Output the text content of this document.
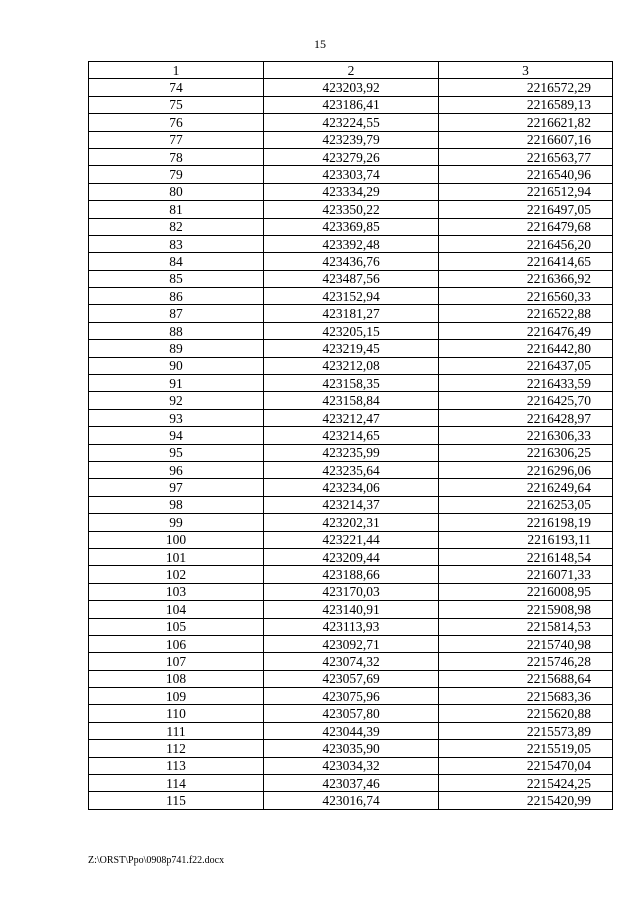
15
1	2	3
74	423203,92	2216572,29
75	423186,41	2216589,13
76	423224,55	2216621,82
77	423239,79	2216607,16
78	423279,26	2216563,77
79	423303,74	2216540,96
80	423334,29	2216512,94
81	423350,22	2216497,05
82	423369,85	2216479,68
83	423392,48	2216456,20
84	423436,76	2216414,65
85	423487,56	2216366,92
86	423152,94	2216560,33
87	423181,27	2216522,88
88	423205,15	2216476,49
89	423219,45	2216442,80
90	423212,08	2216437,05
91	423158,35	2216433,59
92	423158,84	2216425,70
93	423212,47	2216428,97
94	423214,65	2216306,33
95	423235,99	2216306,25
96	423235,64	2216296,06
97	423234,06	2216249,64
98	423214,37	2216253,05
99	423202,31	2216198,19
100	423221,44	2216193,11
101	423209,44	2216148,54
102	423188,66	2216071,33
103	423170,03	2216008,95
104	423140,91	2215908,98
105	423113,93	2215814,53
106	423092,71	2215740,98
107	423074,32	2215746,28
108	423057,69	2215688,64
109	423075,96	2215683,36
110	423057,80	2215620,88
111	423044,39	2215573,89
112	423035,90	2215519,05
113	423034,32	2215470,04
114	423037,46	2215424,25
115	423016,74	2215420,99
Z:\ORST\Ppo\0908p741.f22.docx
